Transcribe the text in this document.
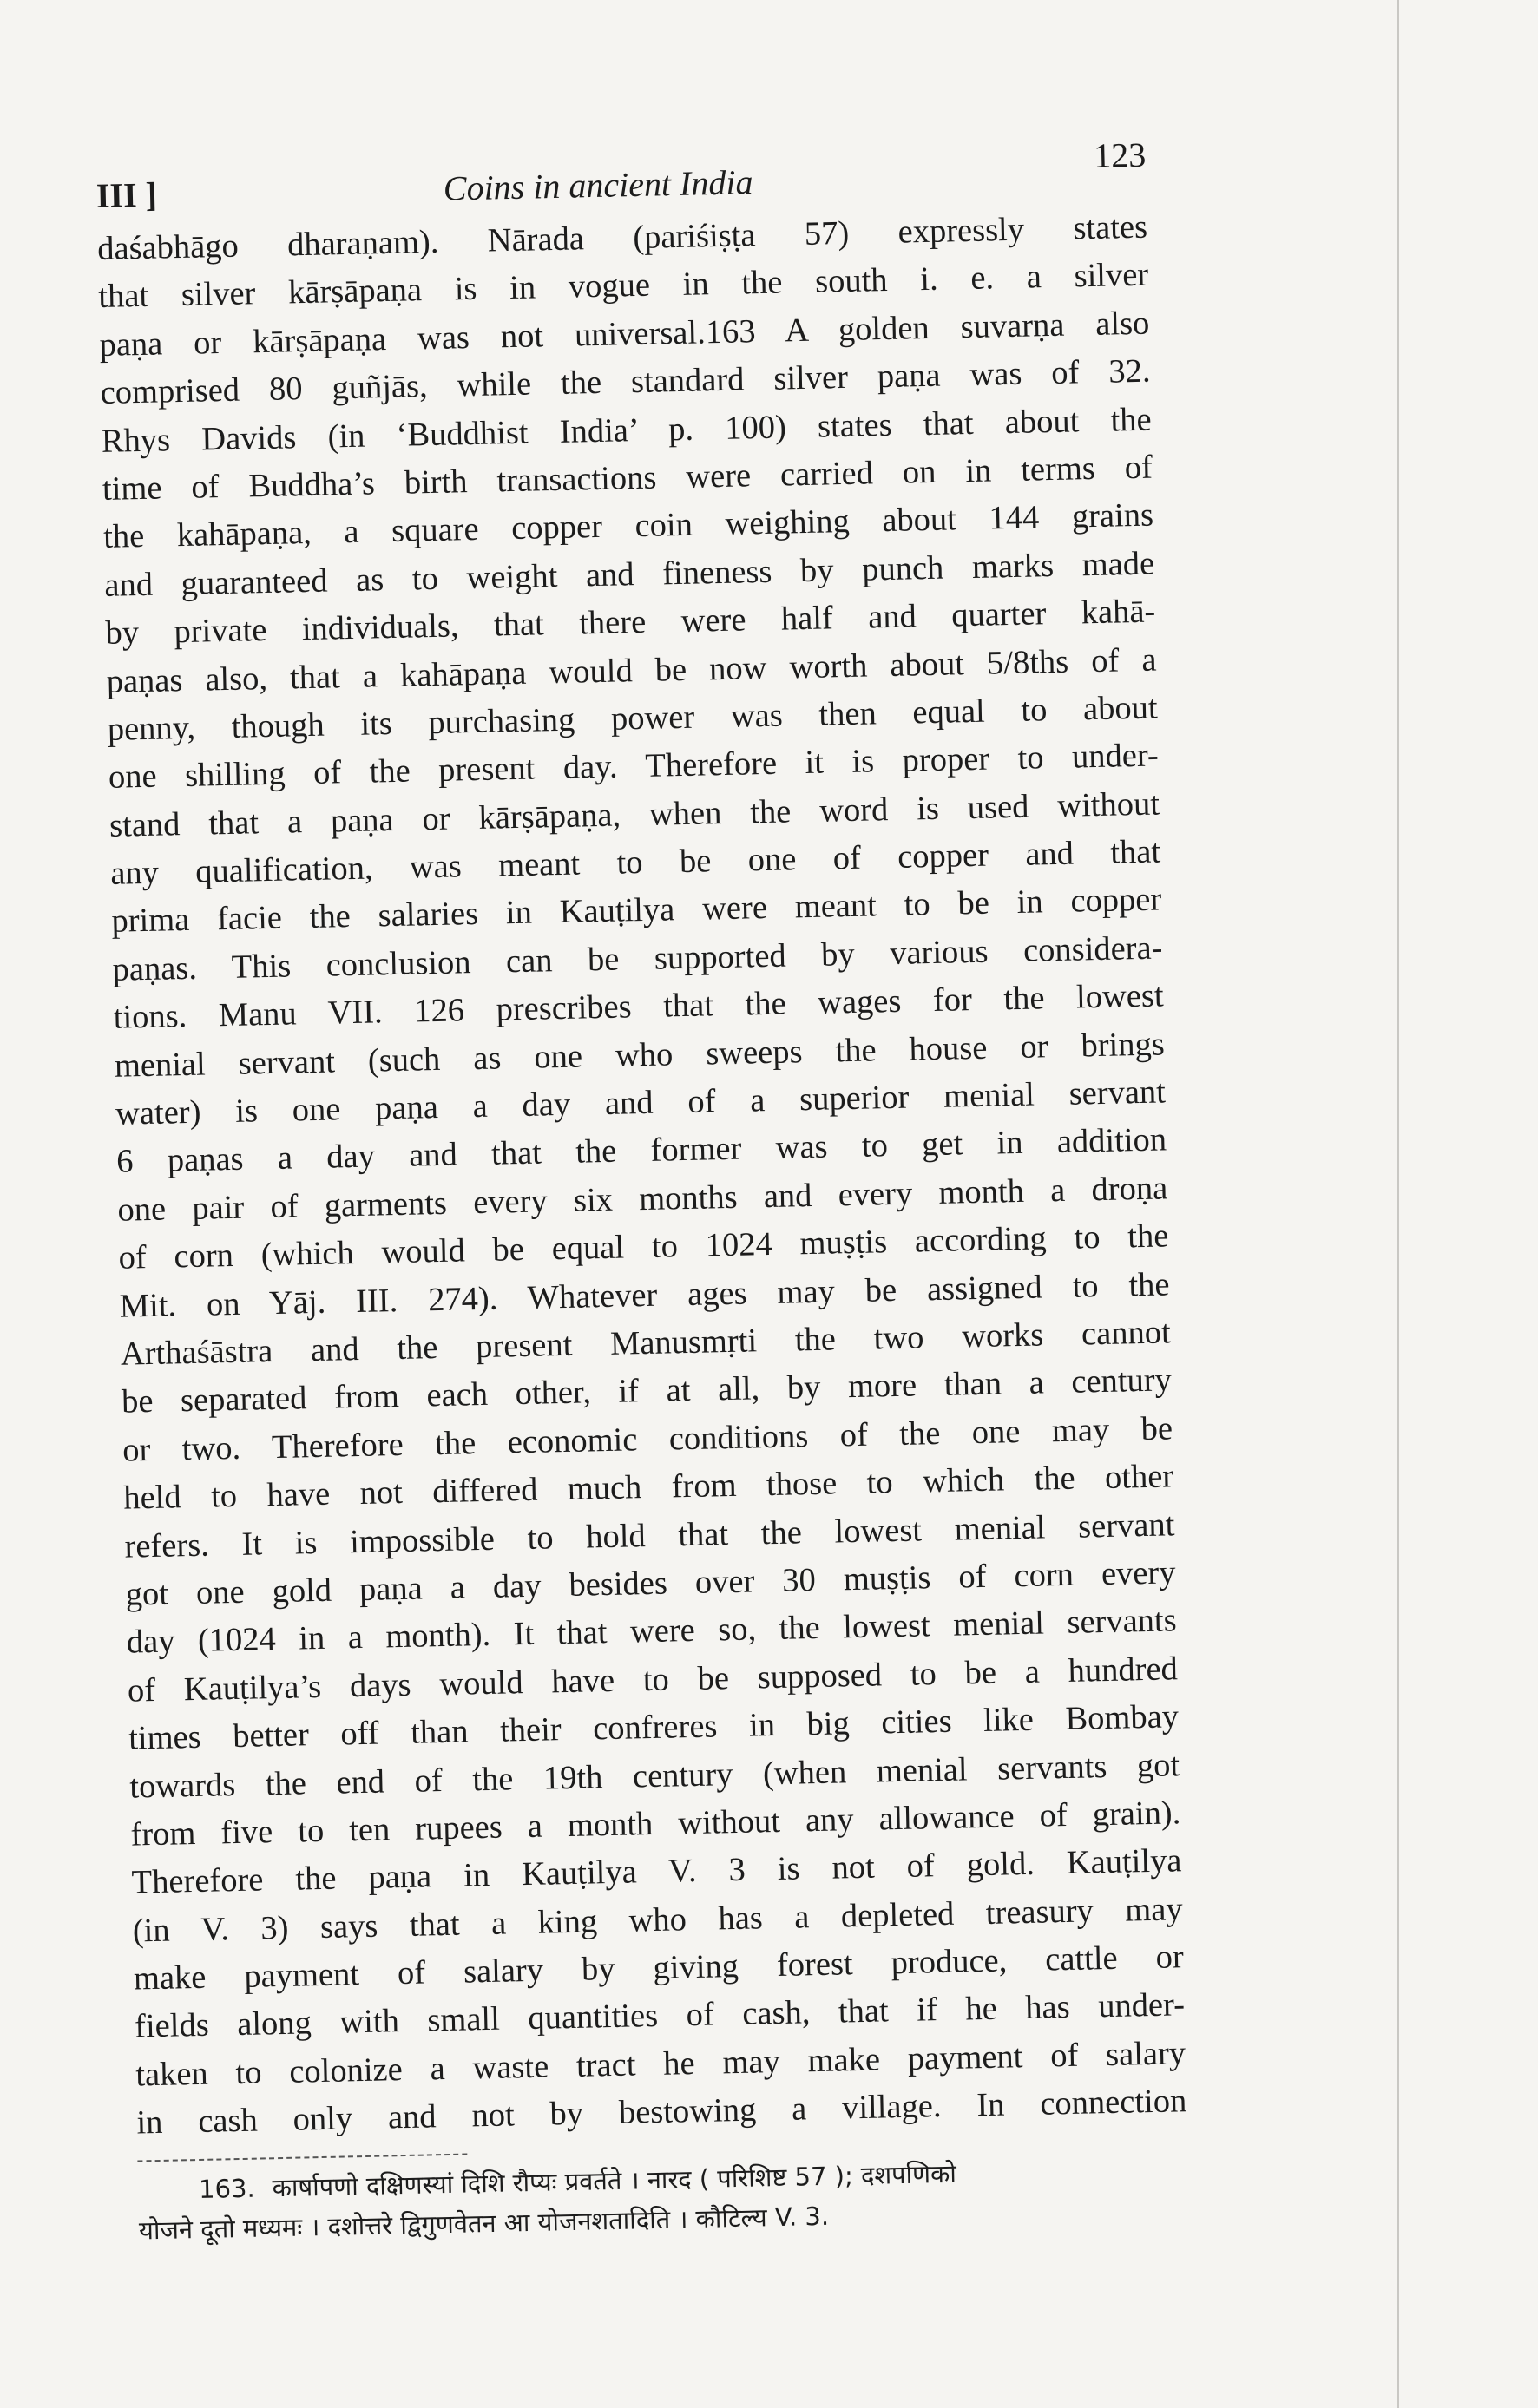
III ]	Coins in ancient India
123
daśabhāgo dharaṇam). Nārada (pariśiṣṭa 57) expressly states
that silver kārṣāpaṇa is in vogue in the south i. e. a silver
paṇa or kārṣāpaṇa was not universal.163 A golden suvarṇa also
comprised 80 guñjās, while the standard silver paṇa was of 32.
Rhys Davids (in ‘Buddhist India’ p. 100) states that about the
time of Buddha’s birth transactions were carried on in terms of
the kahāpaṇa, a square copper coin weighing about 144 grains
and guaranteed as to weight and fineness by punch marks made
by private individuals, that there were half and quarter kahā-
paṇas also, that a kahāpaṇa would be now worth about 5/8ths of a
penny, though its purchasing power was then equal to about
one shilling of the present day. Therefore it is proper to under-
stand that a paṇa or kārṣāpaṇa, when the word is used without
any qualification, was meant to be one of copper and that
prima facie the salaries in Kauṭilya were meant to be in copper
paṇas. This conclusion can be supported by various considera-
tions. Manu VII. 126 prescribes that the wages for the lowest
menial servant (such as one who sweeps the house or brings
water) is one paṇa a day and of a superior menial servant
6 paṇas a day and that the former was to get in addition
one pair of garments every six months and every month a droṇa
of corn (which would be equal to 1024 muṣṭis according to the
Mit. on Yāj. III. 274). Whatever ages may be assigned to the
Arthaśāstra and the present Manusmṛti the two works cannot
be separated from each other, if at all, by more than a century
or two. Therefore the economic conditions of the one may be
held to have not differed much from those to which the other
refers. It is impossible to hold that the lowest menial servant
got one gold paṇa a day besides over 30 muṣṭis of corn every
day (1024 in a month). It that were so, the lowest menial servants
of Kauṭilya’s days would have to be supposed to be a hundred
times better off than their confreres in big cities like Bombay
towards the end of the 19th century (when menial servants got
from five to ten rupees a month without any allowance of grain).
Therefore the paṇa in Kauṭilya V. 3 is not of gold. Kauṭilya
(in V. 3) says that a king who has a depleted treasury may
make payment of salary by giving forest produce, cattle or
fields along with small quantities of cash, that if he has under-
taken to colonize a waste tract he may make payment of salary
in cash only and not by bestowing a village. In connection
163. कार्षापणो दक्षिणस्यां दिशि रौप्यः प्रवर्तते । नारद ( परिशिष्ट 57 ); दशपणिको
योजने दूतो मध्यमः । दशोत्तरे द्विगुणवेतन आ योजनशतादिति । कौटिल्य V. 3.
